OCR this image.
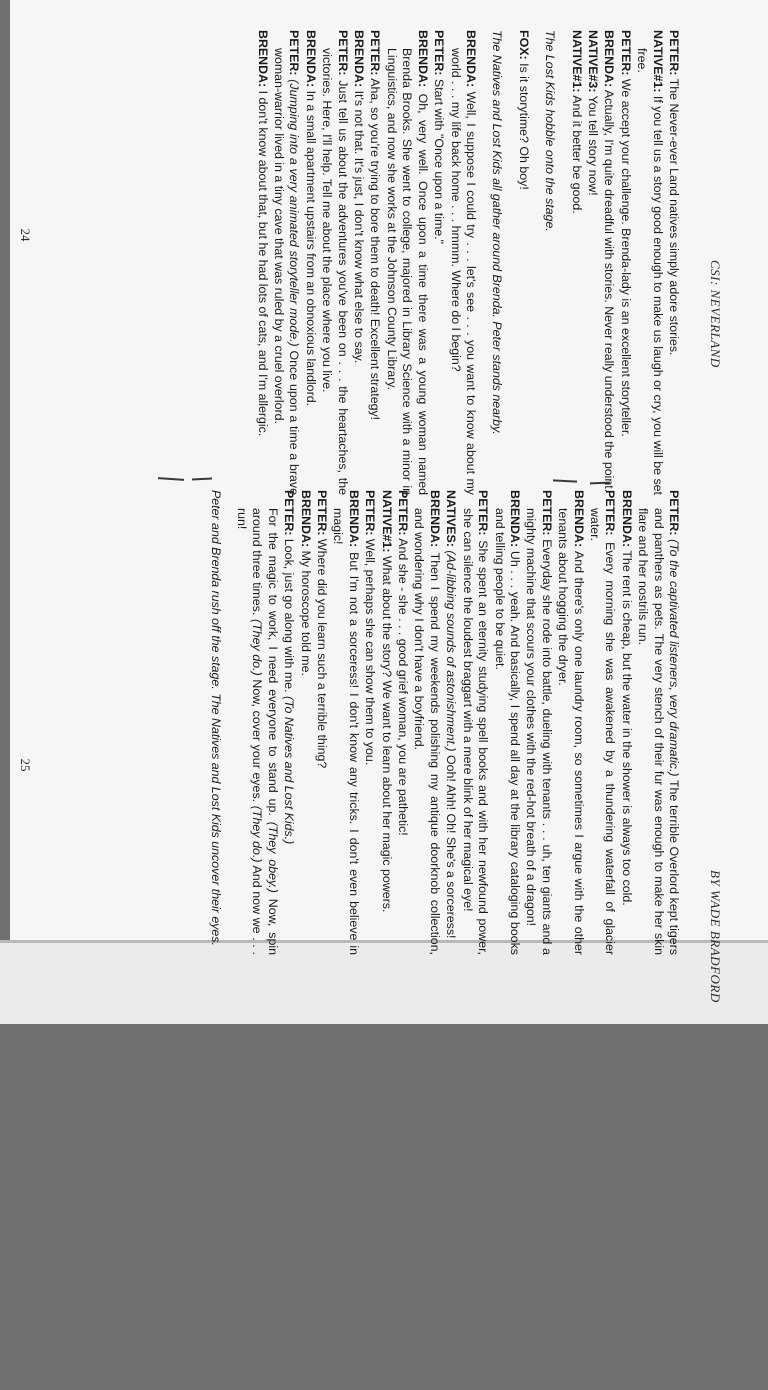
CSI: NEVERLAND
PETER: The Never-ever Land natives simply adore stories.
NATIVE#1: If you tell us a story good enough to make us laugh or cry, you will be set free.
PETER: We accept your challenge. Brenda-lady is an excellent storyteller.
BRENDA: Actually, I'm quite dreadful with stories. Never really understood the point.
NATIVE#3: You tell story now!
NATIVE#1: And it better be good.
The Lost Kids hobble onto the stage.
FOX: Is it storytime? Oh boy!
The Natives and Lost Kids all gather around Brenda. Peter stands nearby.
BRENDA: Well, I suppose I could try . . . let's see . . . you want to know about my world . . . my life back home . . . hmmm. Where do I begin?
PETER: Start with "Once upon a time."
BRENDA: Oh, very well. Once upon a time there was a young woman named Brenda Brooks. She went to college, majored in Library Science with a minor in Linguistics, and now she works at the Johnson County Library.
PETER: Aha, so you're trying to bore them to death! Excellent strategy!
BRENDA: It's not that. It's just, I don't know what else to say.
PETER: Just tell us about the adventures you've been on . . . the heartaches, the victories. Here, I'll help. Tell me about the place where you live.
BRENDA: In a small apartment upstairs from an obnoxious landlord.
PETER: (Jumping into a very animated storyteller mode.) Once upon a time a brave woman-warrior lived in a tiny cave that was ruled by a cruel overlord.
BRENDA: I don't know about that, but he had lots of cats, and I'm allergic.
24
BY WADE BRADFORD
PETER: (To the captivated listeners, very dramatic.) The terrible Overlord kept tigers and panthers as pets. The very stench of their fur was enough to make her skin flare and her nostrils run.
BRENDA: The rent is cheap, but the water in the shower is always too cold.
PETER: Every morning she was awakened by a thundering waterfall of glacier water.
BRENDA: And there's only one laundry room, so sometimes I argue with the other tenants about hogging the dryer.
PETER: Everyday she rode into battle, dueling with tenants . . . uh, ten giants and a mighty machine that scours your clothes with the red-hot breath of a dragon!
BRENDA: Uh . . . yeah. And basically, I spend all day at the library cataloging books and telling people to be quiet.
PETER: She spent an eternity studying spell books and with her newfound power, she can silence the loudest braggart with a mere blink of her magical eye!
NATIVES: (Ad-libbing sounds of astonishment.) Ooh! Ahh! Oh! She's a sorceress!
BRENDA: Then I spend my weekends polishing my antique doorknob collection, and wondering why I don't have a boyfriend.
PETER: And she - she . . . good grief woman, you are pathetic!
NATIVE#1: What about the story? We want to learn about her magic powers.
PETER: Well, perhaps she can show them to you.
BRENDA: But I'm not a sorceress! I don't know any tricks. I don't even believe in magic!
PETER: Where did you learn such a terrible thing?
BRENDA: My horoscope told me.
PETER: Look, just go along with me. (To Natives and Lost Kids.)
For the magic to work, I need everyone to stand up. (They obey.) Now, spin around three times. (They do.) Now, cover your eyes. (They do.) And now we . . . run!
Peter and Brenda rush off the stage. The Natives and Lost Kids uncover their eyes.
25
